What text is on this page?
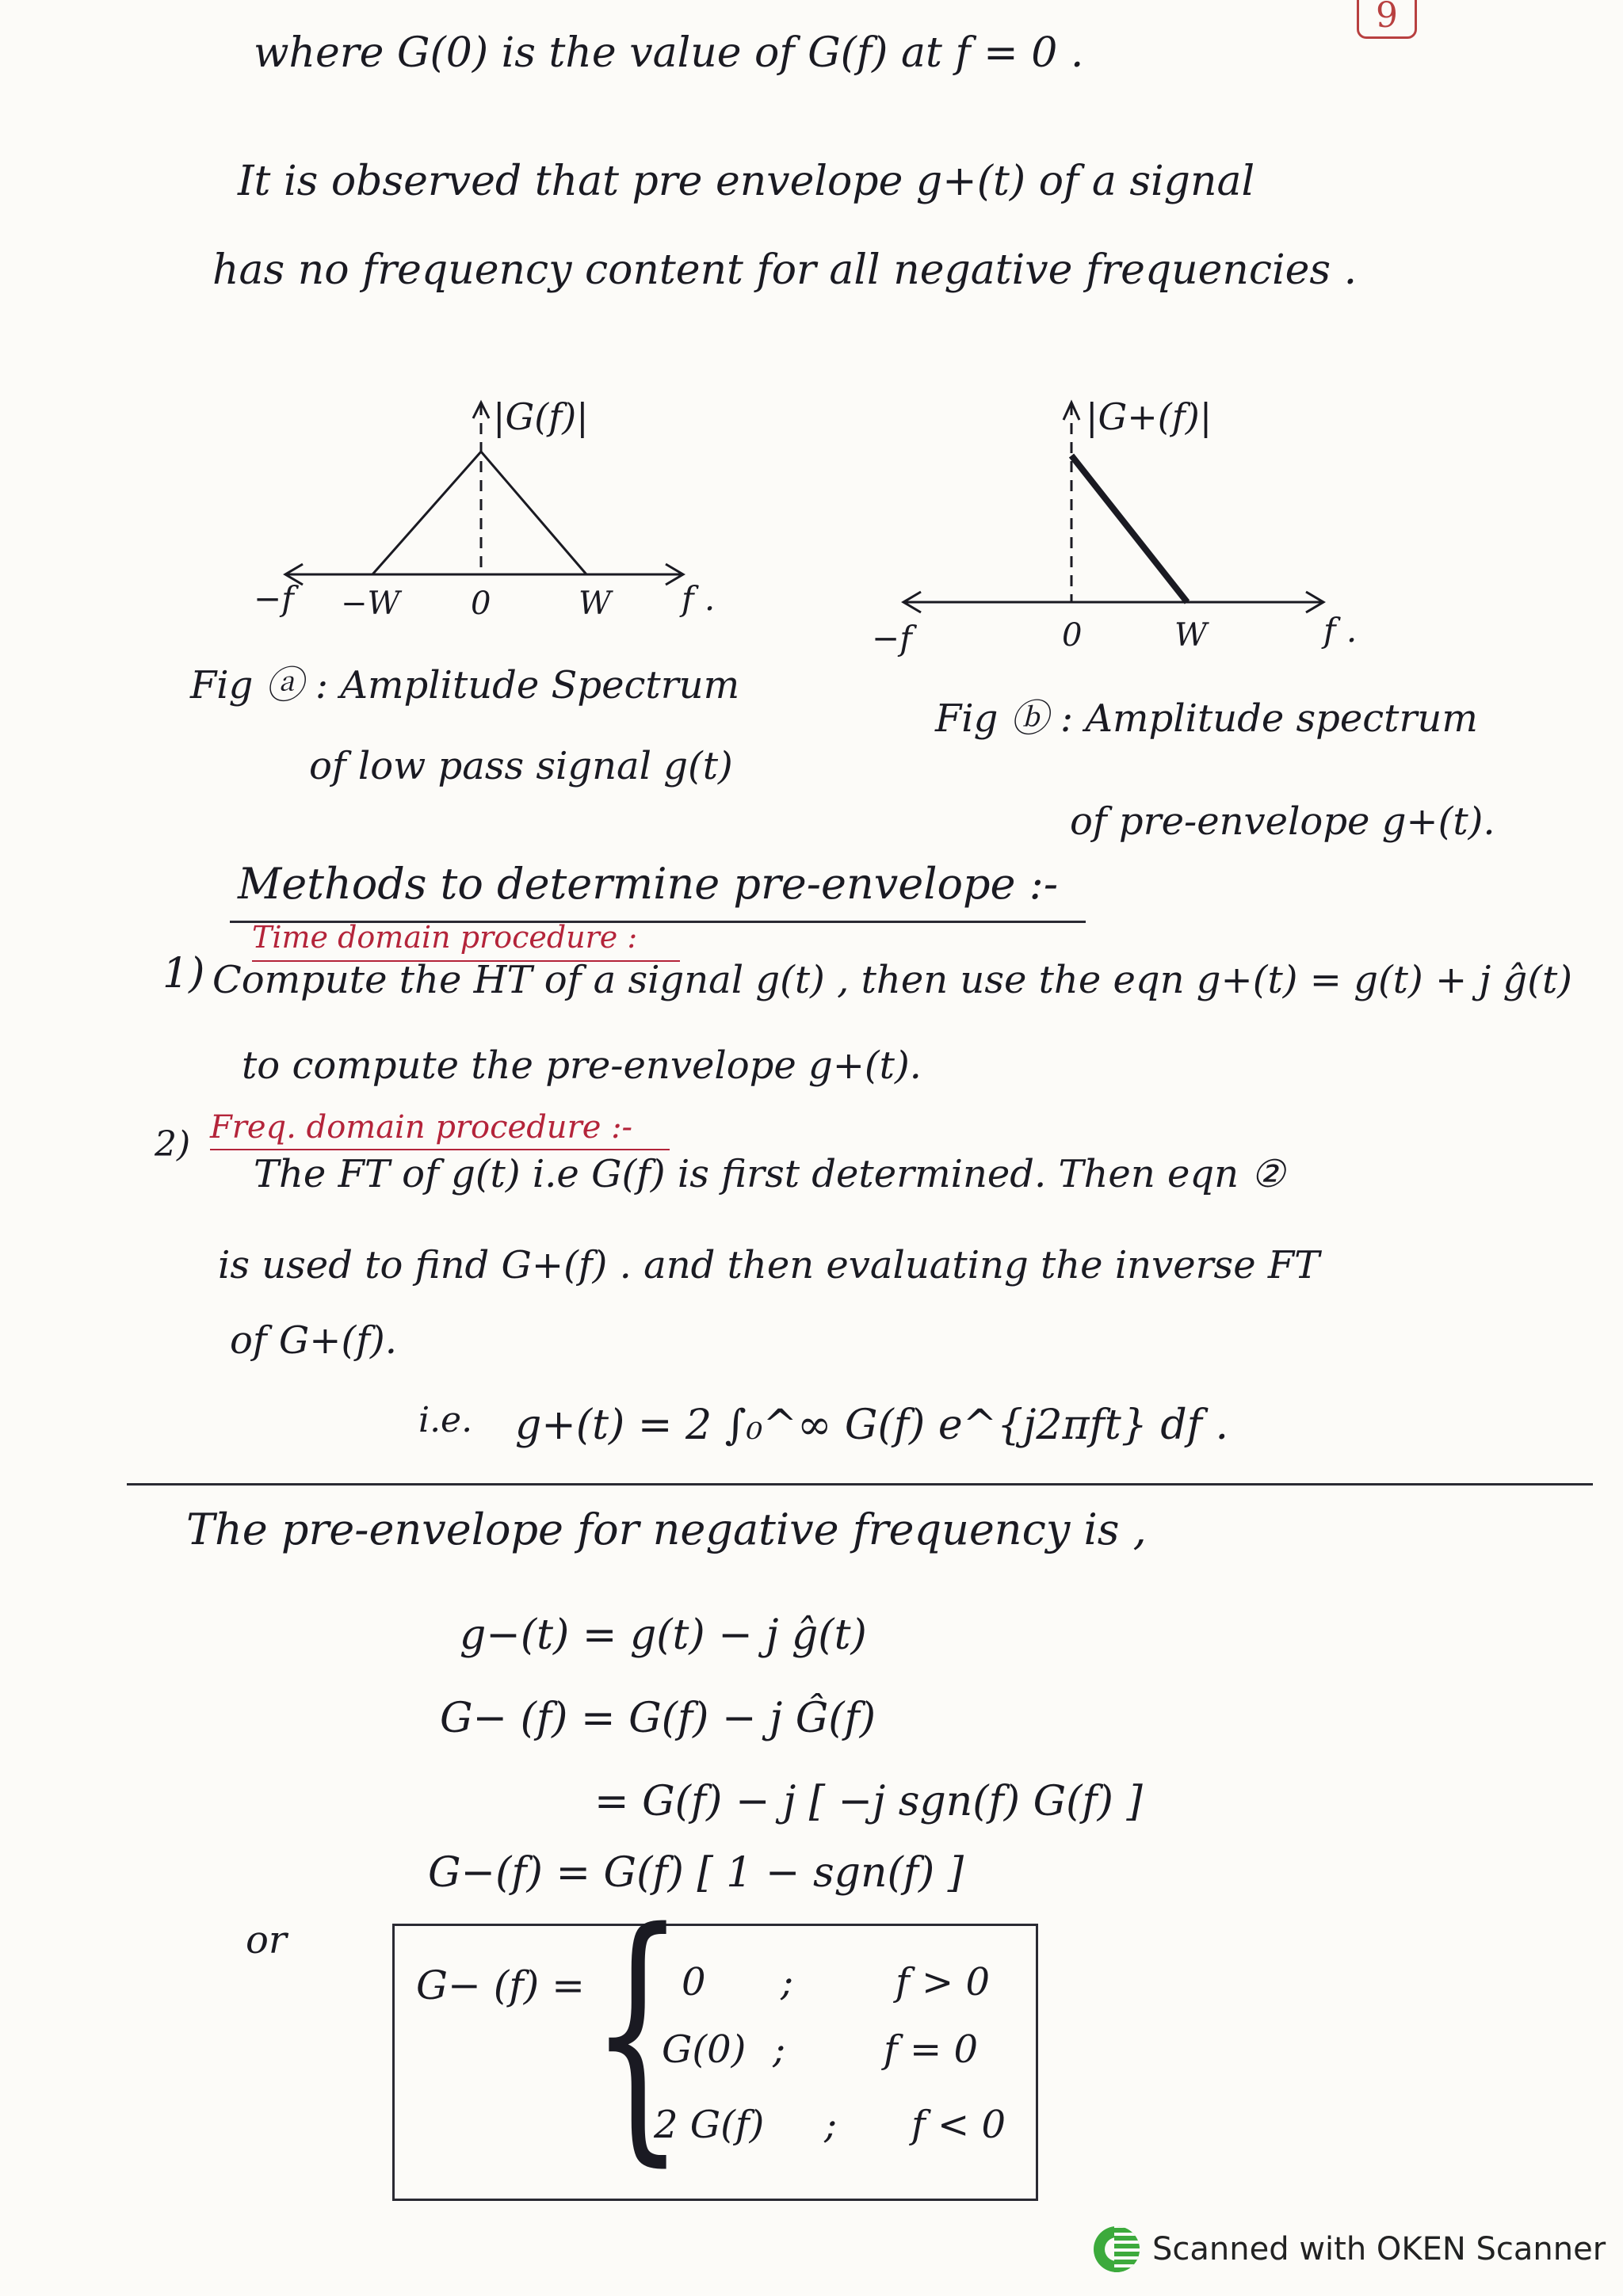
9
where G(0) is the value of G(f) at f = 0 .
It is observed that pre envelope g+(t) of a signal
has no frequency content for all negative frequencies .
|G(f)|
−f −W 0	W f .
|G+(f)|
−f	0	W	f .
Fig ⓐ : Amplitude Spectrum
of low pass signal g(t)
Fig ⓑ : Amplitude spectrum
of pre-envelope g+(t).
Methods to determine pre-envelope :-
Time domain procedure :
1) Compute the HT of a signal g(t) , then use the eqn g+(t) = g(t) + j ĝ(t)
to compute the pre-envelope g+(t).
Freq. domain procedure :-
2)
The FT of g(t) i.e G(f) is first determined. Then eqn ②
is used to find G+(f) . and then evaluating the inverse FT
of G+(f).
i.e. g+(t) = 2 ∫₀^∞ G(f) e^{j2πft} df .
The pre-envelope for negative frequency is ,
g−(t) = g(t) − j ĝ(t)
G− (f) = G(f) − j Ĝ(f)
= G(f) − j [ −j sgn(f) G(f) ]
G−(f) = G(f) [ 1 − sgn(f) ]
or
G− (f) = {
0 ;	f > 0
G(0) ;	f = 0
2 G(f) ; f < 0
Scanned with OKEN Scanner
